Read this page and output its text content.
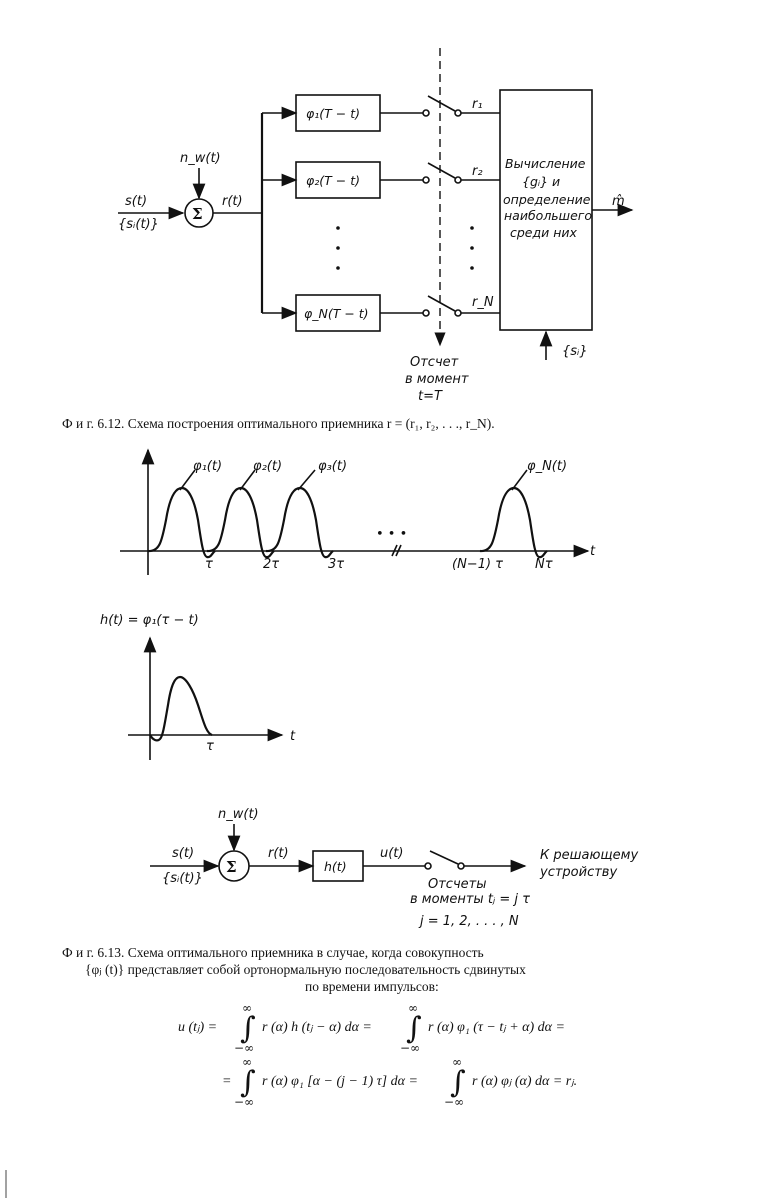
s(t)
{sᵢ(t)}
n_w(t)
Σ
r(t)
φ₁(T − t)
φ₂(T − t)
φ_N(T − t)
r₁
r₂
r_N
Отсчет
в момент
t=T
Вычисление
{gᵢ} и
определение
наибольшего
среди них
m̂
{sᵢ}
Ф и г. 6.12. Схема построения оптимального приемника r = (r₁, r₂, . . ., r_N).
t
φ₁(t) φ₂(t)	φ₃(t)	φ_N(t)
• • •
τ	2τ	3τ	(N−1) τ Nτ
h(t) = φ₁(τ − t)
t
τ
s(t)
{sᵢ(t)}
n_w(t)
Σ
r(t)
h(t)
u(t)	К решающему
устройству
Отсчеты
в моменты tⱼ = j τ
j = 1, 2, . . . , N
Ф и г. 6.13. Схема оптимального приемника в случае, когда совокупность
{φⱼ (t)} представляет собой ортонормальную последовательность сдвинутых
по времени импульсов:
u (tⱼ) =
∞
∫
−∞
r (α) h (tⱼ − α) dα =
∞
∫
−∞
r (α) φ₁ (τ − tⱼ + α) dα =
=
∞
∫
−∞
r (α) φ₁ [α − (j − 1) τ] dα =
∞
∫
−∞
r (α) φⱼ (α) dα = rⱼ.
